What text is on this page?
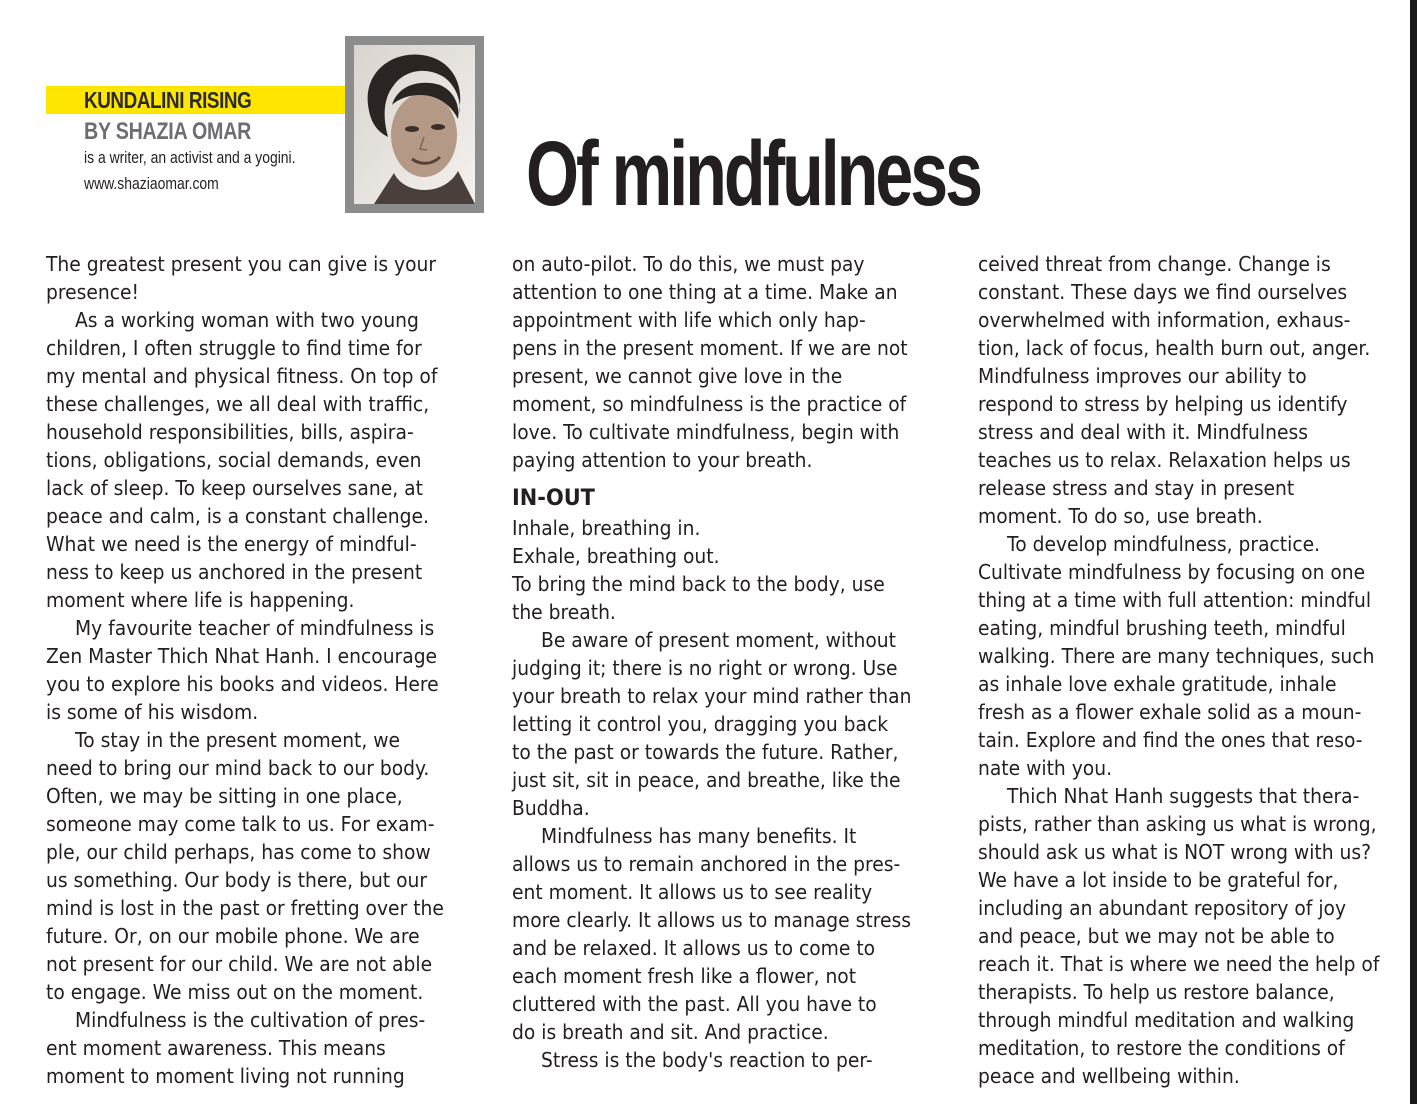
KUNDALINI RISING
BY SHAZIA OMAR
is a writer, an activist and a yogini.
www.shaziaomar.com	Of mindfulness
The greatest present you can give is your
presence!
As a working woman with two young
children, I often struggle to find time for
my mental and physical fitness. On top of
these challenges, we all deal with traffic,
household responsibilities, bills, aspira-
tions, obligations, social demands, even
lack of sleep. To keep ourselves sane, at
peace and calm, is a constant challenge.
What we need is the energy of mindful-
ness to keep us anchored in the present
moment where life is happening.
My favourite teacher of mindfulness is
Zen Master Thich Nhat Hanh. I encourage
you to explore his books and videos. Here
is some of his wisdom.
To stay in the present moment, we
need to bring our mind back to our body.
Often, we may be sitting in one place,
someone may come talk to us. For exam-
ple, our child perhaps, has come to show
us something. Our body is there, but our
mind is lost in the past or fretting over the
future. Or, on our mobile phone. We are
not present for our child. We are not able
to engage. We miss out on the moment.
Mindfulness is the cultivation of pres-
ent moment awareness. This means
moment to moment living not running
on auto-pilot. To do this, we must pay
attention to one thing at a time. Make an
appointment with life which only hap-
pens in the present moment. If we are not
present, we cannot give love in the
moment, so mindfulness is the practice of
love. To cultivate mindfulness, begin with
paying attention to your breath.
IN-OUT
Inhale, breathing in.
Exhale, breathing out.
To bring the mind back to the body, use
the breath.
Be aware of present moment, without
judging it; there is no right or wrong. Use
your breath to relax your mind rather than
letting it control you, dragging you back
to the past or towards the future. Rather,
just sit, sit in peace, and breathe, like the
Buddha.
Mindfulness has many benefits. It
allows us to remain anchored in the pres-
ent moment. It allows us to see reality
more clearly. It allows us to manage stress
and be relaxed. It allows us to come to
each moment fresh like a flower, not
cluttered with the past. All you have to
do is breath and sit. And practice.
Stress is the body's reaction to per-
ceived threat from change. Change is
constant. These days we find ourselves
overwhelmed with information, exhaus-
tion, lack of focus, health burn out, anger.
Mindfulness improves our ability to
respond to stress by helping us identify
stress and deal with it. Mindfulness
teaches us to relax. Relaxation helps us
release stress and stay in present
moment. To do so, use breath.
To develop mindfulness, practice.
Cultivate mindfulness by focusing on one
thing at a time with full attention: mindful
eating, mindful brushing teeth, mindful
walking. There are many techniques, such
as inhale love exhale gratitude, inhale
fresh as a flower exhale solid as a moun-
tain. Explore and find the ones that reso-
nate with you.
Thich Nhat Hanh suggests that thera-
pists, rather than asking us what is wrong,
should ask us what is NOT wrong with us?
We have a lot inside to be grateful for,
including an abundant repository of joy
and peace, but we may not be able to
reach it. That is where we need the help of
therapists. To help us restore balance,
through mindful meditation and walking
meditation, to restore the conditions of
peace and wellbeing within.
